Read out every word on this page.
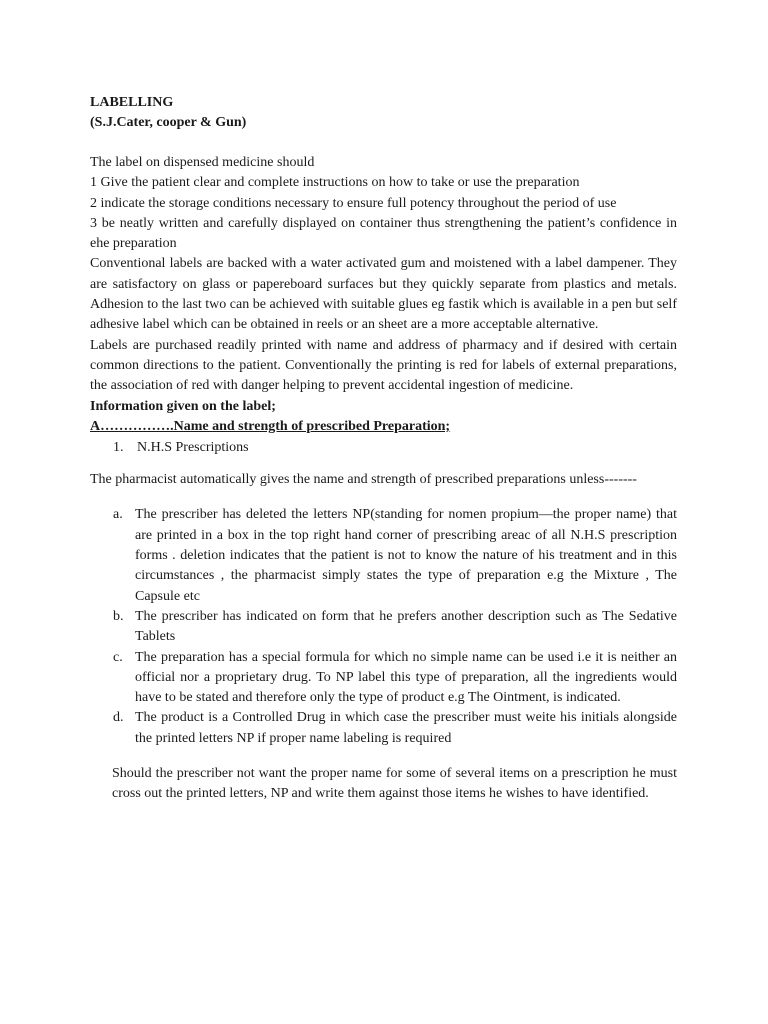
LABELLING

(S.J.Cater, cooper & Gun)

The label on dispensed medicine should

1 Give the patient clear and complete instructions on how to take or use the preparation

2 indicate the storage conditions necessary to ensure full potency throughout the period of use

3 be neatly written and carefully displayed on container thus strengthening the patient’s confidence in ehe preparation

Conventional labels are backed with a water activated gum and moistened with a label dampener. They are satisfactory on glass or papereboard surfaces but they quickly separate from plastics and metals. Adhesion to the last two can be achieved with suitable glues eg fastik which is available in a pen but self adhesive label which can be obtained in reels or an sheet are a more acceptable alternative.

Labels are purchased readily printed with name and address of pharmacy and if desired with certain common directions to the patient. Conventionally the printing is red for labels of external preparations, the association of red with danger helping to prevent accidental ingestion of medicine.

Information given on the label;

A…………….Name and strength of prescribed Preparation;

1. N.H.S Prescriptions

The pharmacist automatically gives the name and strength of prescribed preparations unless-------

a. The prescriber has deleted the letters NP(standing for nomen propium—the proper name) that are printed in a box in the top right hand corner of prescribing areac of all N.H.S prescription forms . deletion indicates that the patient is not to know the nature of his treatment and in this circumstances , the pharmacist simply states the type of preparation e.g the Mixture , The Capsule etc
b. The prescriber has indicated on form that he prefers another description such as The Sedative Tablets
c. The preparation has a special formula for which no simple name can be used i.e it is neither an official nor a proprietary drug. To NP label this type of preparation, all the ingredients would have to be stated and therefore only the type of product e.g The Ointment, is indicated.
d. The product is a Controlled Drug in which case the prescriber must weite his initials alongside the printed letters NP if proper name labeling is required

Should the prescriber not want the proper name for some of several items on a prescription he must cross out the printed letters, NP and write them against those items he wishes to have identified.
